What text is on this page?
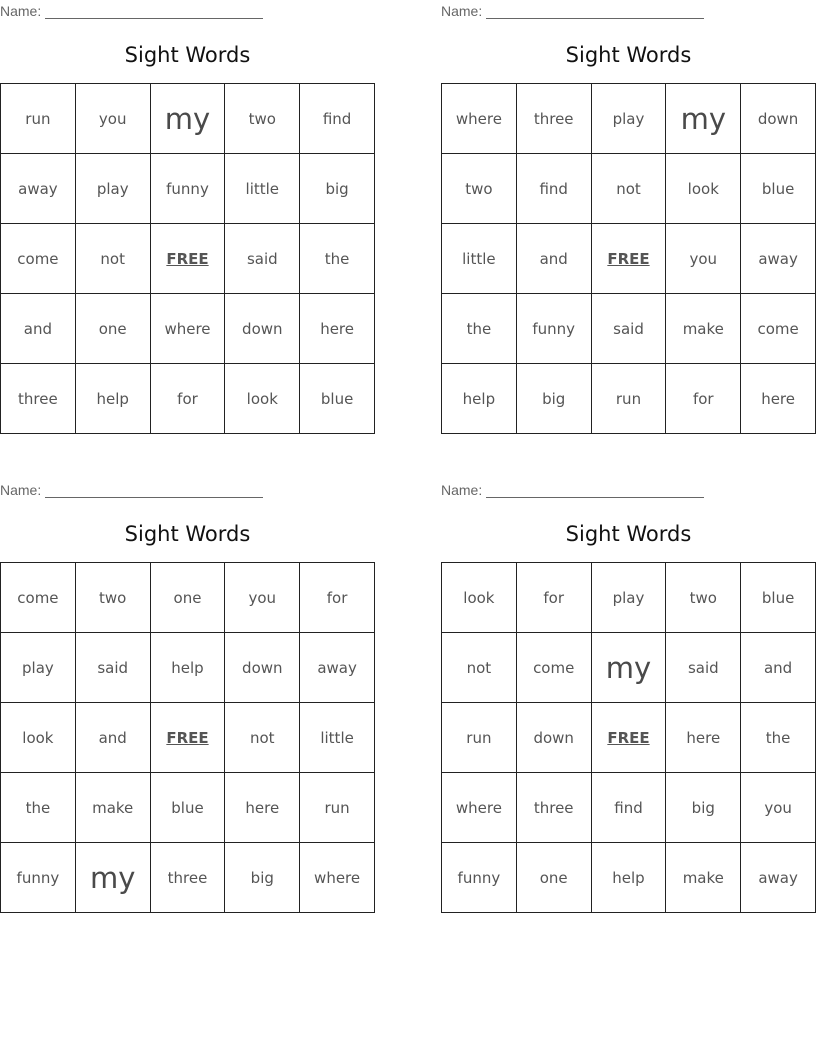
Name:
Sight Words
run	you	my	two	find
away	play	funny	little	big
come	not	FREE	said	the
and	one	where	down	here
three	help	for	look	blue
Name:
Sight Words
where	three	play	my	down
two	find	not	look	blue
little	and	FREE	you	away
the	funny	said	make	come
help	big	run	for	here
Name:
Sight Words
come	two	one	you	for
play	said	help	down	away
look	and	FREE	not	little
the	make	blue	here	run
funny	my	three	big	where
Name:
Sight Words
look	for	play	two	blue
not	come	my	said	and
run	down	FREE	here	the
where	three	find	big	you
funny	one	help	make	away
